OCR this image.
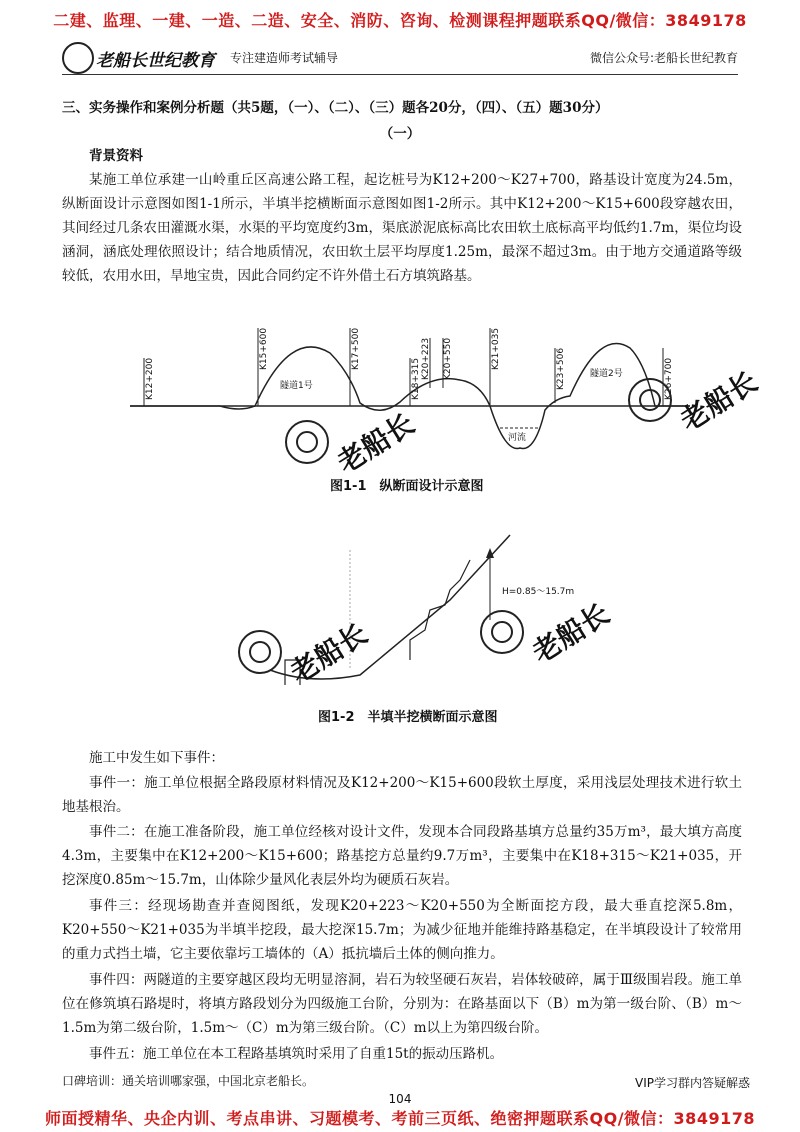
二建、监理、一建、一造、二造、安全、消防、咨询、检测课程押题联系QQ/微信：3849178
老船长世纪教育 专注建造师考试辅导	微信公众号:老船长世纪教育
三、实务操作和案例分析题（共5题，（一）、（二）、（三）题各20分，（四）、（五）题30分）
（一）
背景资料
某施工单位承建一山岭重丘区高速公路工程，起讫桩号为K12+200～K27+700，路基设计宽度为24.5m，纵断面设计示意图如图1-1所示，半填半挖横断面示意图如图1-2所示。其中K12+200～K15+600段穿越农田，其间经过几条农田灌溉水渠，水渠的平均宽度约3m，渠底淤泥底标高比农田软土底标高平均低约1.7m，渠位均设涵洞，涵底处理依照设计；结合地质情况，农田软土层平均厚度1.25m，最深不超过3m。由于地方交通道路等级较低，农用水田，旱地宝贵，因此合同约定不许外借土石方填筑路基。
K12+200
K15+600	K17+500
K18+315 K20+223 K20+550	K21+035	K23+506	K26+700
隧道1号
隧道2号
河流
老船长
老船长
图1-1　纵断面设计示意图
H=0.85～15.7m
老船长	老船长
图1-2　半填半挖横断面示意图
施工中发生如下事件：
事件一：施工单位根据全路段原材料情况及K12+200～K15+600段软土厚度，采用浅层处理技术进行软土地基根治。
事件二：在施工准备阶段，施工单位经核对设计文件，发现本合同段路基填方总量约35万m³，最大填方高度4.3m，主要集中在K12+200～K15+600；路基挖方总量约9.7万m³，主要集中在K18+315～K21+035，开挖深度0.85m～15.7m，山体除少量风化表层外均为硬质石灰岩。
事件三：经现场勘查并查阅图纸，发现K20+223～K20+550为全断面挖方段，最大垂直挖深5.8m，K20+550～K21+035为半填半挖段，最大挖深15.7m；为减少征地并能维持路基稳定，在半填段设计了较常用的重力式挡土墙，它主要依靠圬工墙体的（A）抵抗墙后土体的侧向推力。
事件四：两隧道的主要穿越区段均无明显溶洞，岩石为较坚硬石灰岩，岩体较破碎，属于Ⅲ级围岩段。施工单位在修筑填石路堤时，将填方路段划分为四级施工台阶，分别为：在路基面以下（B）m为第一级台阶、（B）m～1.5m为第二级台阶，1.5m～（C）m为第三级台阶。（C）m以上为第四级台阶。
事件五：施工单位在本工程路基填筑时采用了自重15t的振动压路机。
口碑培训：通关培训哪家强，中国北京老船长。	VIP学习群内答疑解惑
104
师面授精华、央企内训、考点串讲、习题模考、考前三页纸、绝密押题联系QQ/微信：3849178
